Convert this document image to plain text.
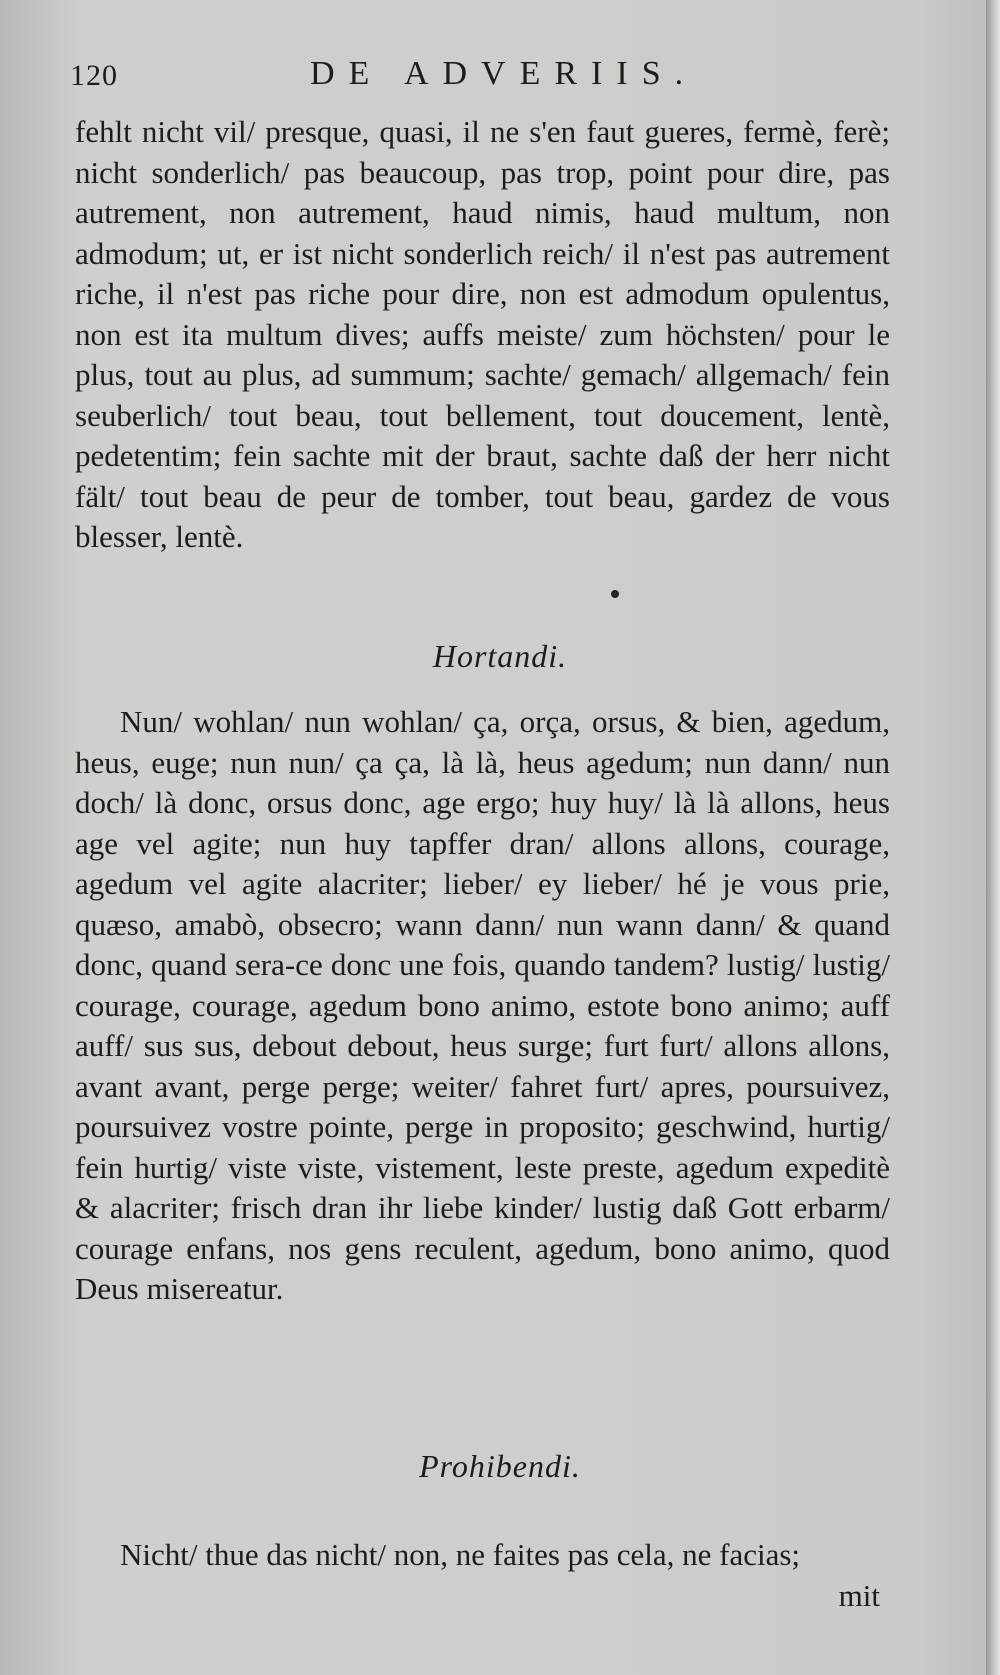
120	DE ADVERIIS.
fehlt nicht vil/ presque, quasi, il ne s'en faut gueres, fermè, ferè; nicht sonderlich/ pas beaucoup, pas trop, point pour dire, pas autrement, non autrement, haud nimis, haud multum, non admodum; ut, er ist nicht sonderlich reich/ il n'est pas autrement riche, il n'est pas riche pour dire, non est admodum opulentus, non est ita multum dives; auffs meiste/ zum höchsten/ pour le plus, tout au plus, ad summum; sachte/ gemach/ allgemach/ fein seuberlich/ tout beau, tout bellement, tout doucement, lentè, pedetentim; fein sachte mit der braut, sachte daß der herr nicht fält/ tout beau de peur de tomber, tout beau, gardez de vous blesser, lentè.
Hortandi.
Nun/ wohlan/ nun wohlan/ ça, orça, orsus, & bien, agedum, heus, euge; nun nun/ ça ça, là là, heus agedum; nun dann/ nun doch/ là donc, orsus donc, age ergo; huy huy/ là là allons, heus age vel agite; nun huy tapffer dran/ allons allons, courage, agedum vel agite alacriter; lieber/ ey lieber/ hé je vous prie, quæso, amabò, obsecro; wann dann/ nun wann dann/ & quand donc, quand sera-ce donc une fois, quando tandem? lustig/ lustig/ courage, courage, agedum bono animo, estote bono animo; auff auff/ sus sus, debout debout, heus surge; furt furt/ allons allons, avant avant, perge perge; weiter/ fahret furt/ apres, poursuivez, poursuivez vostre pointe, perge in proposito; geschwind, hurtig/ fein hurtig/ viste viste, vistement, leste preste, agedum expeditè & alacriter; frisch dran ihr liebe kinder/ lustig daß Gott erbarm/ courage enfans, nos gens reculent, agedum, bono animo, quod Deus misereatur.
Prohibendi.
Nicht/ thue das nicht/ non, ne faites pas cela, ne facias;
mit
